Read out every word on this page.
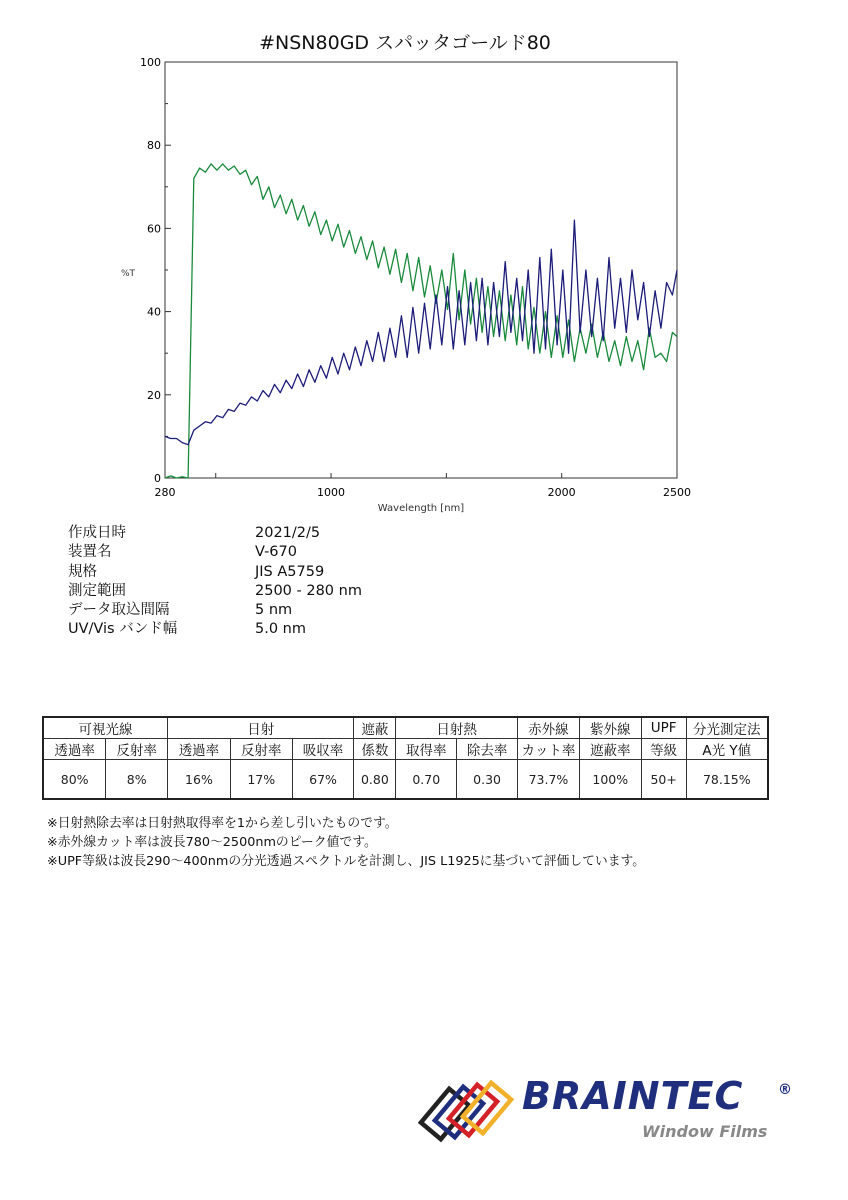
#NSN80GD スパッタゴールド80
0
20
40
60
80
100
280	1000	2000	2500
Wavelength [nm]
%T
作成日時	2021/2/5
装置名	V-670
規格	JIS A5759
測定範囲	2500 - 280 nm
データ取込間隔	5 nm
UV/Vis バンド幅	5.0 nm
可視光線		日射			遮蔽	日射熱		赤外線	紫外線	UPF	分光測定法
透過率	反射率	透過率	反射率	吸収率	係数	取得率	除去率	カット率	遮蔽率	等級	A光 Y値
80%	8%	16%	17%	67%	0.80	0.70	0.30	73.7%	100%	50+	78.15%
※日射熱除去率は日射熱取得率を1から差し引いたものです。
※赤外線カット率は波長780～2500nmのピーク値です。
※UPF等級は波長290～400nmの分光透過スペクトルを計測し、JIS L1925に基づいて評価しています。
BRAINTEC ®
Window Films
